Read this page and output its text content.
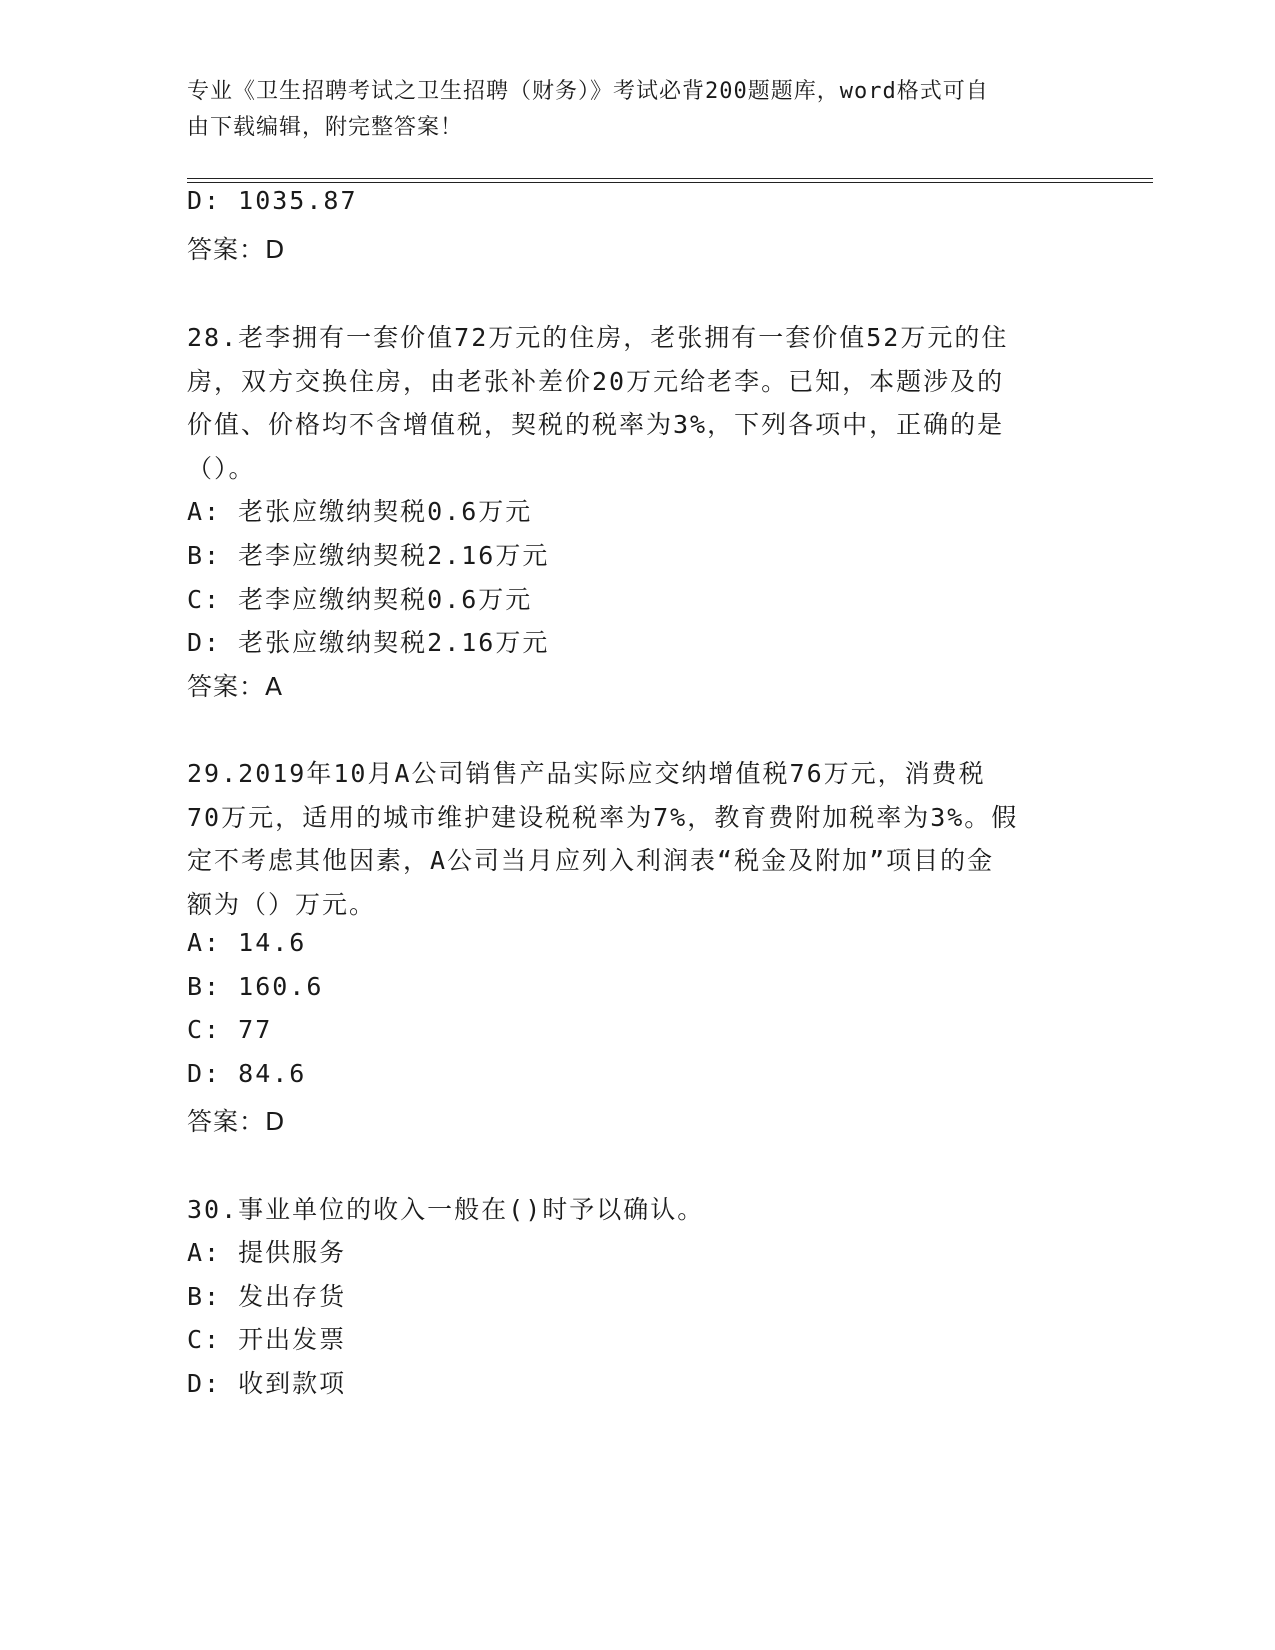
专业《卫生招聘考试之卫生招聘（财务）》考试必背200题题库，word格式可自
由下载编辑，附完整答案！
D: 1035.87
答案：D
28.老李拥有一套价值72万元的住房，老张拥有一套价值52万元的住
房，双方交换住房，由老张补差价20万元给老李。已知，本题涉及的
价值、价格均不含增值税，契税的税率为3%，下列各项中，正确的是
（）。
A: 老张应缴纳契税0.6万元
B: 老李应缴纳契税2.16万元
C: 老李应缴纳契税0.6万元
D: 老张应缴纳契税2.16万元
答案：A
29.2019年10月A公司销售产品实际应交纳增值税76万元，消费税
70万元，适用的城市维护建设税税率为7%，教育费附加税率为3%。假
定不考虑其他因素，A公司当月应列入利润表“税金及附加”项目的金
额为（）万元。
A: 14.6
B: 160.6
C: 77
D: 84.6
答案：D
30.事业单位的收入一般在()时予以确认。
A: 提供服务
B: 发出存货
C: 开出发票
D: 收到款项
